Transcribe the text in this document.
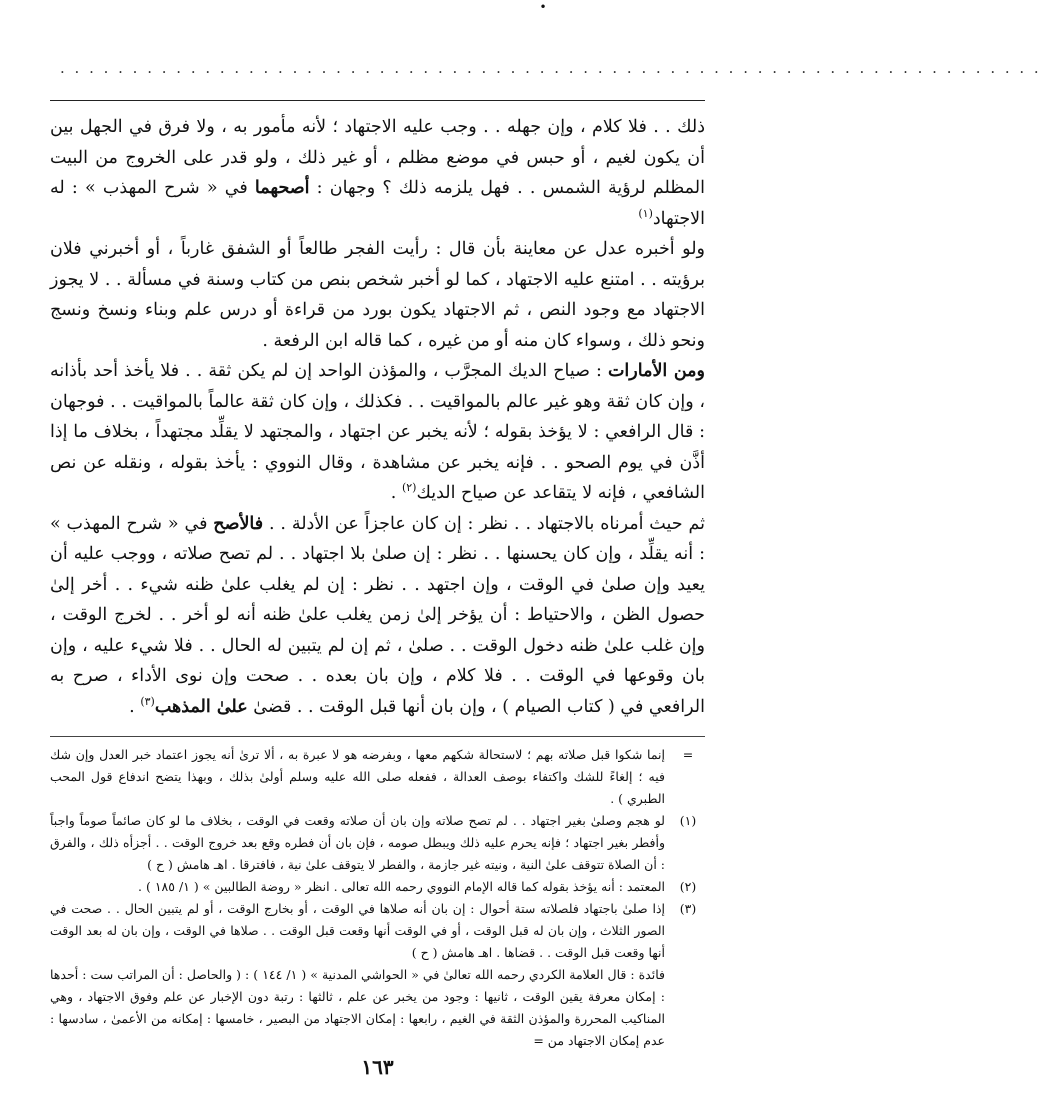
•
· · · · · · · · · · · · · · · · · · · · · · · · · · · · · · · · · · · · · · · · · · · · · · · · · · · · · · · · · · · · · · · · · · · ·

ذلك . . فلا كلام ، وإن جهله . . وجب عليه الاجتهاد ؛ لأنه مأمور به ، ولا فرق في الجهل بين أن يكون لغيم ، أو حبس في موضع مظلم ، أو غير ذلك ، ولو قدر على الخروج من البيت المظلم لرؤية الشمس . . فهل يلزمه ذلك ؟ وجهان : أصحهما في « شرح المهذب » : له الاجتهاد$^{(١)}$

ولو أخبره عدل عن معاينة بأن قال : رأيت الفجر طالعاً أو الشفق غارباً ، أو أخبرني فلان برؤيته . . امتنع عليه الاجتهاد ، كما لو أخبر شخص بنص من كتاب وسنة في مسألة . . لا يجوز الاجتهاد مع وجود النص ، ثم الاجتهاد يكون بورد من قراءة أو درس علم وبناء ونسخ ونسج ونحو ذلك ، وسواء كان منه أو من غيره ، كما قاله ابن الرفعة .

ومن الأمارات : صياح الديك المجرَّب ، والمؤذن الواحد إن لم يكن ثقة . . فلا يأخذ أحد بأذانه ، وإن كان ثقة وهو غير عالم بالمواقيت . . فكذلك ، وإن كان ثقة عالماً بالمواقيت . . فوجهان : قال الرافعي : لا يؤخذ بقوله ؛ لأنه يخبر عن اجتهاد ، والمجتهد لا يقلِّد مجتهداً ، بخلاف ما إذا أذَّن في يوم الصحو . . فإنه يخبر عن مشاهدة ، وقال النووي : يأخذ بقوله ، ونقله عن نص الشافعي ، فإنه لا يتقاعد عن صياح الديك$^{(٢)}$ .

ثم حيث أمرناه بالاجتهاد . . نظر : إن كان عاجزاً عن الأدلة . . فالأصح في « شرح المهذب » : أنه يقلِّد ، وإن كان يحسنها . . نظر : إن صلىٰ بلا اجتهاد . . لم تصح صلاته ، ووجب عليه أن يعيد وإن صلىٰ في الوقت ، وإن اجتهد . . نظر : إن لم يغلب علىٰ ظنه شيء . . أخر إلىٰ حصول الظن ، والاحتياط : أن يؤخر إلىٰ زمن يغلب علىٰ ظنه أنه لو أخر . . لخرج الوقت ، وإن غلب علىٰ ظنه دخول الوقت . . صلىٰ ، ثم إن لم يتبين له الحال . . فلا شيء عليه ، وإن بان وقوعها في الوقت . . فلا كلام ، وإن بان بعده . . صحت وإن نوى الأداء ، صرح به الرافعي في ( كتاب الصيام ) ، وإن بان أنها قبل الوقت . . قضىٰ علىٰ المذهب$^{(٣)}$ .

=
إنما شكوا قبل صلاته بهم ؛ لاستحالة شكهم معها ، وبفرضه هو لا عبرة به ، ألا ترىٰ أنه يجوز اعتماد خبر العدل وإن شك فيه ؛ إلغاءً للشك واكتفاء بوصف العدالة ، ففعله صلى الله عليه وسلم أولىٰ بذلك ، وبهذا يتضح اندفاع قول المحب الطبري ) .
(١)
لو هجم وصلىٰ بغير اجتهاد . . لم تصح صلاته وإن بان أن صلاته وقعت في الوقت ، بخلاف ما لو كان صائماً صوماً واجباً وأفطر بغير اجتهاد ؛ فإنه يحرم عليه ذلك ويبطل صومه ، فإن بان أن فطره وقع بعد خروج الوقت . . أجزأه ذلك ، والفرق : أن الصلاة تتوقف علىٰ النية ، ونيته غير جازمة ، والفطر لا يتوقف علىٰ نية ، فافترقا . اهـ هامش ( ح )
(٢)
المعتمد : أنه يؤخذ بقوله كما قاله الإمام النووي رحمه الله تعالى . انظر « روضة الطالبين » ( ١/ ١٨٥ ) .
(٣)
إذا صلىٰ باجتهاد فلصلاته ستة أحوال : إن بان أنه صلاها في الوقت ، أو بخارج الوقت ، أو لم يتبين الحال . . صحت في الصور الثلاث ، وإن بان له قبل الوقت ، أو في الوقت أنها وقعت قبل الوقت . . صلاها في الوقت ، وإن بان له بعد الوقت أنها وقعت قبل الوقت . . قضاها . اهـ هامش ( ح )
فائدة : قال العلامة الكردي رحمه الله تعالىٰ في « الحواشي المدنية » ( ١/ ١٤٤ ) : ( والحاصل : أن المراتب ست : أحدها : إمكان معرفة يقين الوقت ، ثانيها : وجود من يخبر عن علم ، ثالثها : رتبة دون الإخبار عن علم وفوق الاجتهاد ، وهي المناكيب المحررة والمؤذن الثقة في الغيم ، رابعها : إمكان الاجتهاد من البصير ، خامسها : إمكانه من الأعمىٰ ، سادسها : عدم إمكان الاجتهاد من =
١٦٣
